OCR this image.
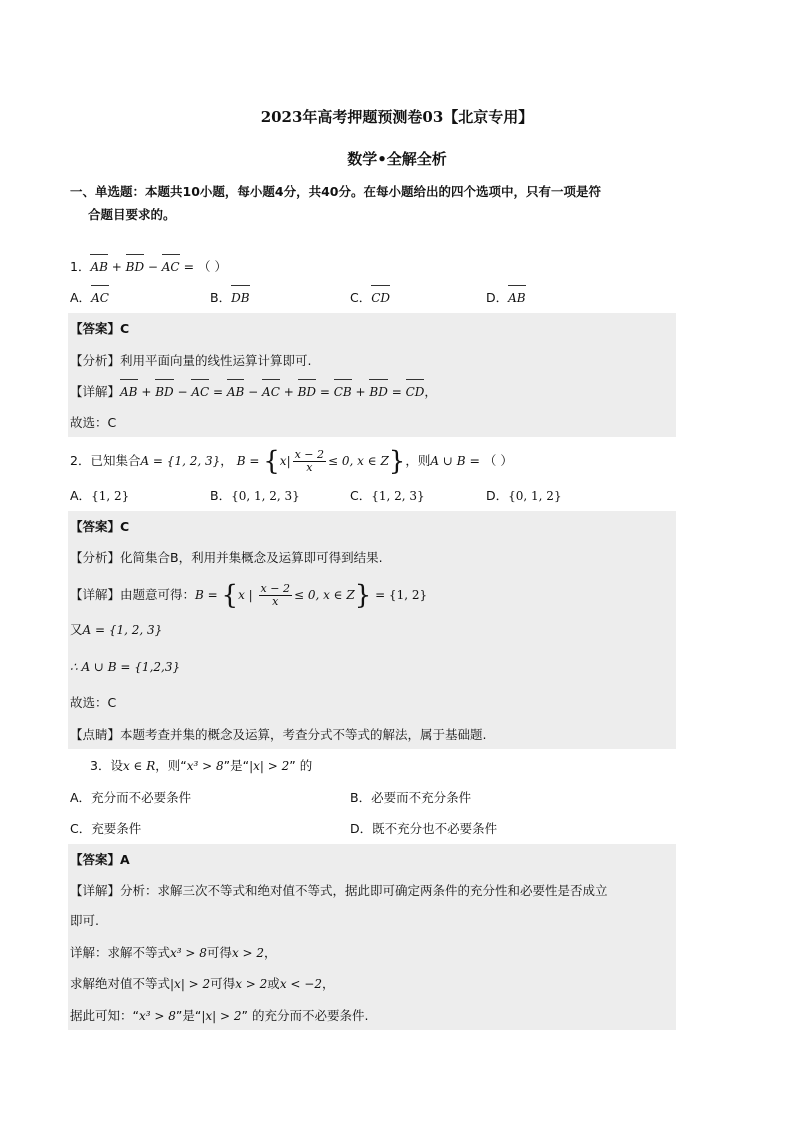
2023年高考押题预测卷03【北京专用】
数学•全解全析
一、单选题：本题共10小题，每小题4分，共40分。在每小题给出的四个选项中，只有一项是符
合题目要求的。
1．AB + BD − AC = （ ）
A．AC	B．DB	C．CD	D．AB
【答案】C
【分析】利用平面向量的线性运算计算即可.
【详解】AB + BD − AC = AB − AC + BD = CB + BD = CD，
故选：C
2．已知集合A = {1, 2, 3}， $B = \{x| \frac{x - 2}{x} \le 0$, x ∈ Z}，则A ∪ B = （ ）
A．{1, 2}	B．{0, 1, 2, 3}	C．{1, 2, 3}	D．{0, 1, 2}
【答案】C
【分析】化简集合B，利用并集概念及运算即可得到结果.
【详解】由题意可得：B = {x | $\frac{x - 2}{x} \le 0$, x ∈ Z} = {1, 2}
又A = {1, 2, 3}
∴ A ∪ B = {1,2,3}
故选：C
【点睛】本题考查并集的概念及运算，考查分式不等式的解法，属于基础题.
3．设x ∈ R，则“x³ > 8”是“|x| > 2” 的
A．充分而不必要条件	B．必要而不充分条件
C．充要条件	D．既不充分也不必要条件
【答案】A
【详解】分析：求解三次不等式和绝对值不等式，据此即可确定两条件的充分性和必要性是否成立
即可.
详解：求解不等式x³ > 8可得x > 2，
求解绝对值不等式|x| > 2可得x > 2或x < −2，
据此可知：“x³ > 8”是“|x| > 2” 的充分而不必要条件.
